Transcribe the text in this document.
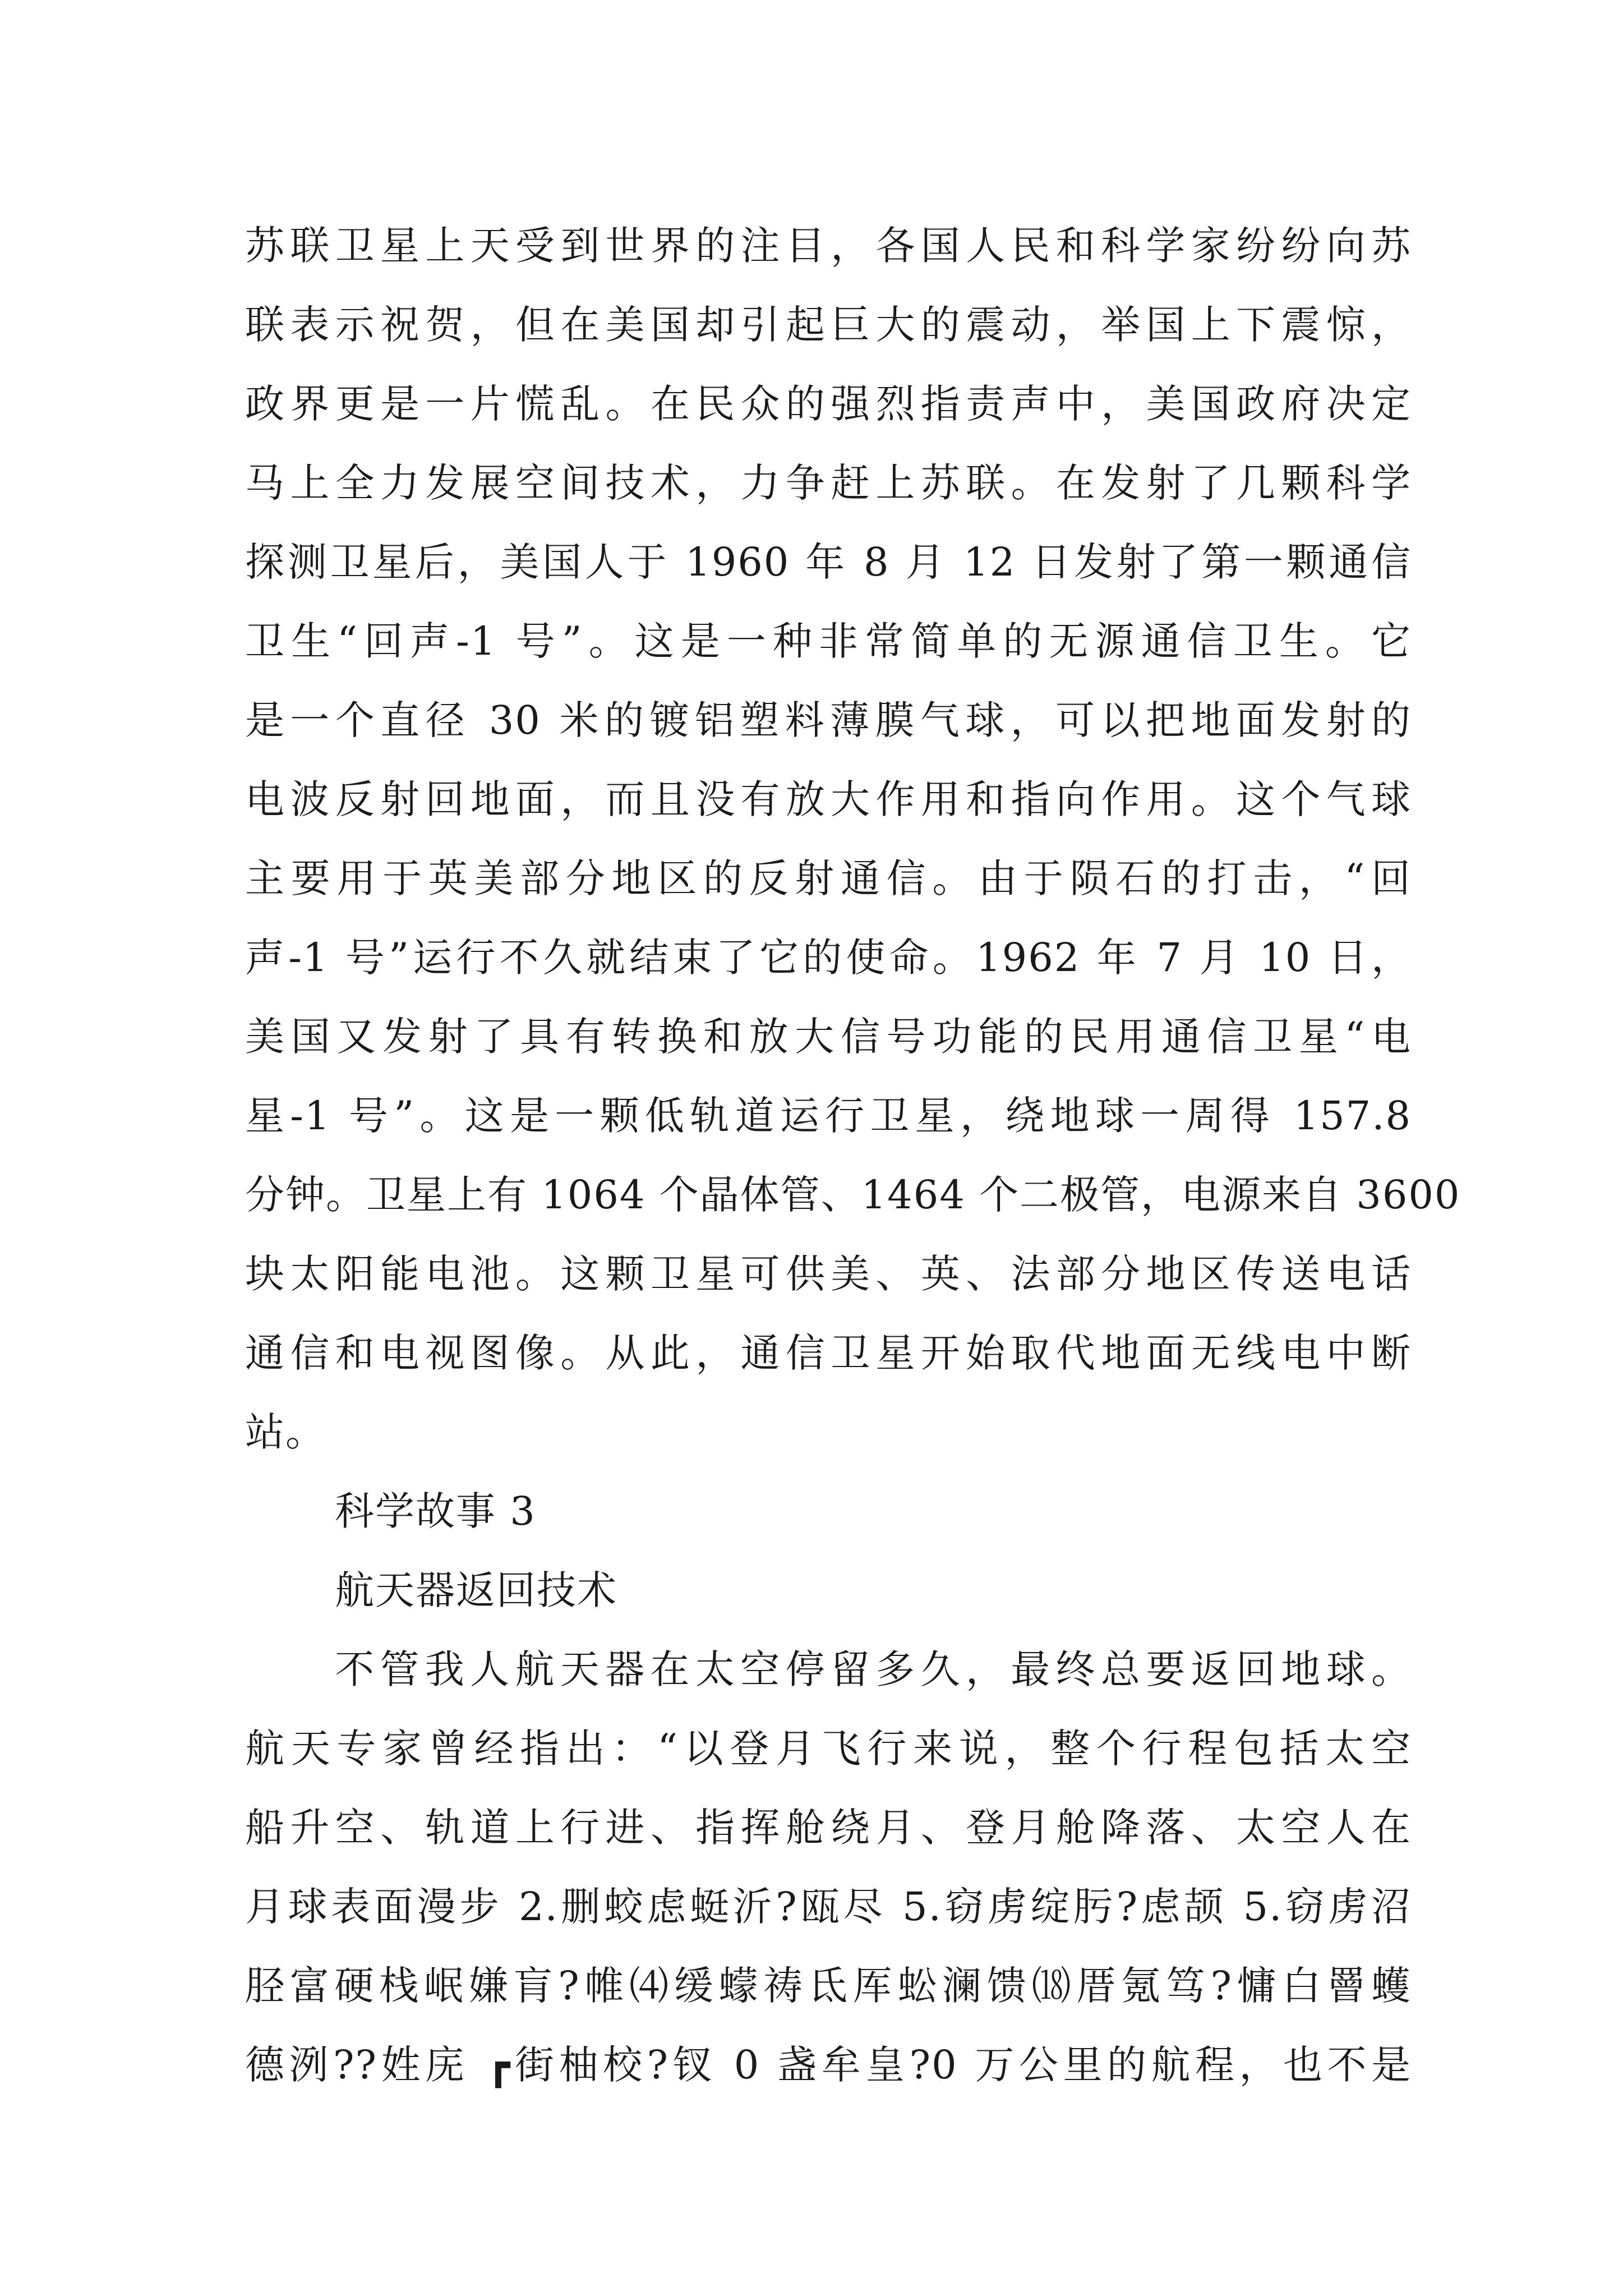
苏联卫星上天受到世界的注目，各国人民和科学家纷纷向苏
联表示祝贺，但在美国却引起巨大的震动，举国上下震惊，
政界更是一片慌乱。在民众的强烈指责声中，美国政府决定
马上全力发展空间技术，力争赶上苏联。在发射了几颗科学
探测卫星后，美国人于 1960 年 8 月 12 日发射了第一颗通信
卫生“回声-1 号”。这是一种非常简单的无源通信卫生。它
是一个直径 30 米的镀铝塑料薄膜气球，可以把地面发射的
电波反射回地面，而且没有放大作用和指向作用。这个气球
主要用于英美部分地区的反射通信。由于陨石的打击，“回
声-1 号”运行不久就结束了它的使命。1962 年 7 月 10 日，
美国又发射了具有转换和放大信号功能的民用通信卫星“电
星-1 号”。这是一颗低轨道运行卫星，绕地球一周得 157.8
分钟。卫星上有 1064 个晶体管、1464 个二极管，电源来自 3600
块太阳能电池。这颗卫星可供美、英、法部分地区传送电话
通信和电视图像。从此，通信卫星开始取代地面无线电中断
站。
科学故事 3
航天器返回技术
不管我人航天器在太空停留多久，最终总要返回地球。
航天专家曾经指出：“以登月飞行来说，整个行程包括太空
船升空、轨道上行进、指挥舱绕月、登月舱降落、太空人在
月球表面漫步 2.删蛟虑蜓沂?瓯尽 5.窃虏绽肟?虑颉 5.窃虏沼
胫富硬栈岷嫌肓?帷⑷缓蠓祷氐厍蚣澜馈⒅厝氪笃?慵白罾蠖
德洌??姓庑 ┏街柚校?钗 0 盏牟皇?0 万公里的航程，也不是
